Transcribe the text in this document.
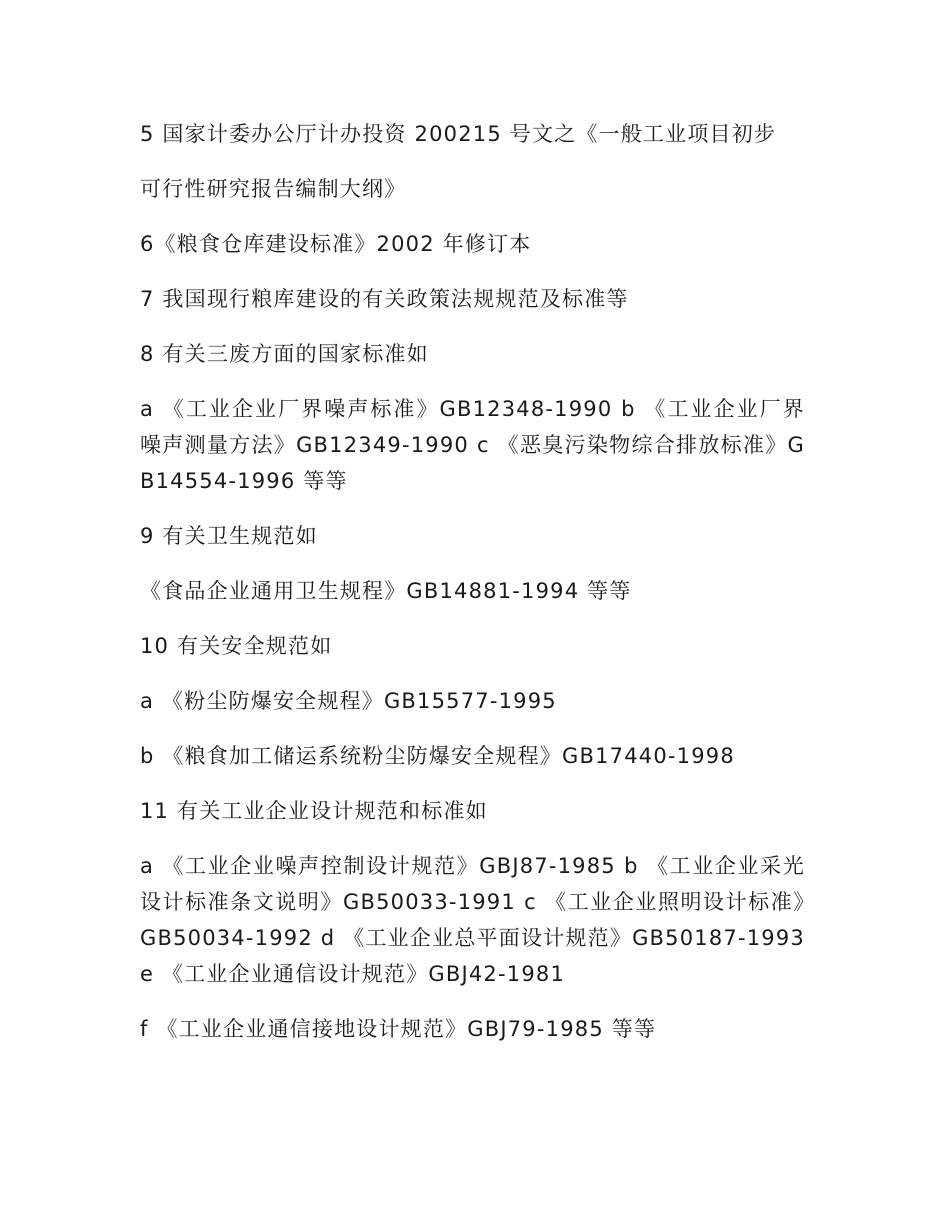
5 国家计委办公厅计办投资 200215 号文之《一般工业项目初步

可行性研究报告编制大纲》

6《粮食仓库建设标准》2002 年修订本

7 我国现行粮库建设的有关政策法规规范及标准等

8 有关三废方面的国家标准如

a 《工业企业厂界噪声标准》GB12348-1990 b 《工业企业厂界噪声测量方法》GB12349-1990 c 《恶臭污染物综合排放标准》GB14554-1996 等等

9 有关卫生规范如

《食品企业通用卫生规程》GB14881-1994 等等

10 有关安全规范如

a 《粉尘防爆安全规程》GB15577-1995

b 《粮食加工储运系统粉尘防爆安全规程》GB17440-1998

11 有关工业企业设计规范和标准如

a 《工业企业噪声控制设计规范》GBJ87-1985 b 《工业企业采光设计标准条文说明》GB50033-1991 c 《工业企业照明设计标准》GB50034-1992 d 《工业企业总平面设计规范》GB50187-1993 e 《工业企业通信设计规范》GBJ42-1981

f 《工业企业通信接地设计规范》GBJ79-1985 等等
